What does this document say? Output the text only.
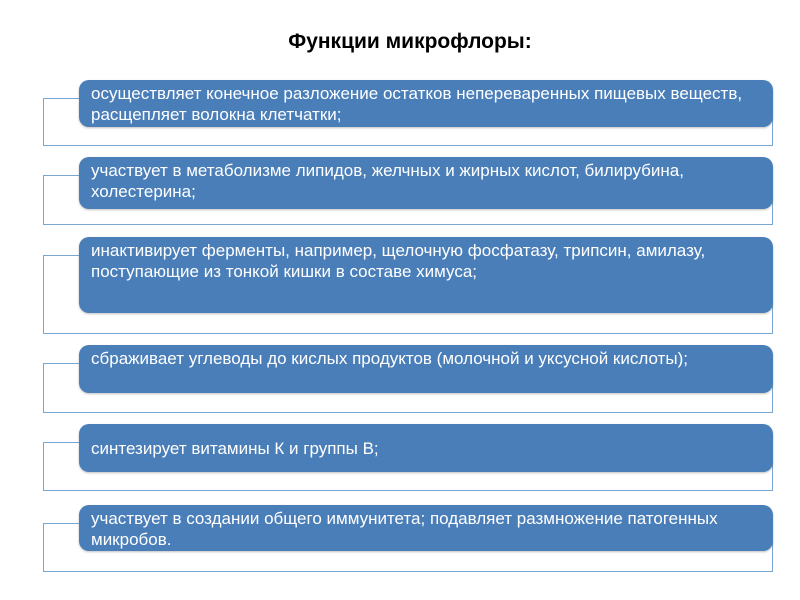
Функции микрофлоры:
осуществляет конечное разложение остатков непереваренных пищевых веществ, расщепляет волокна клетчатки;
участвует в метаболизме липидов, желчных и жирных кислот, билирубина, холестерина;
инактивирует ферменты, например, щелочную фосфатазу, трипсин, амилазу, поступающие из тонкой кишки в составе химуса;
сбраживает углеводы до кислых продуктов (молочной и уксусной кислоты);
синтезирует витамины К и группы В;
участвует в создании общего иммунитета; подавляет размножение патогенных микробов.
